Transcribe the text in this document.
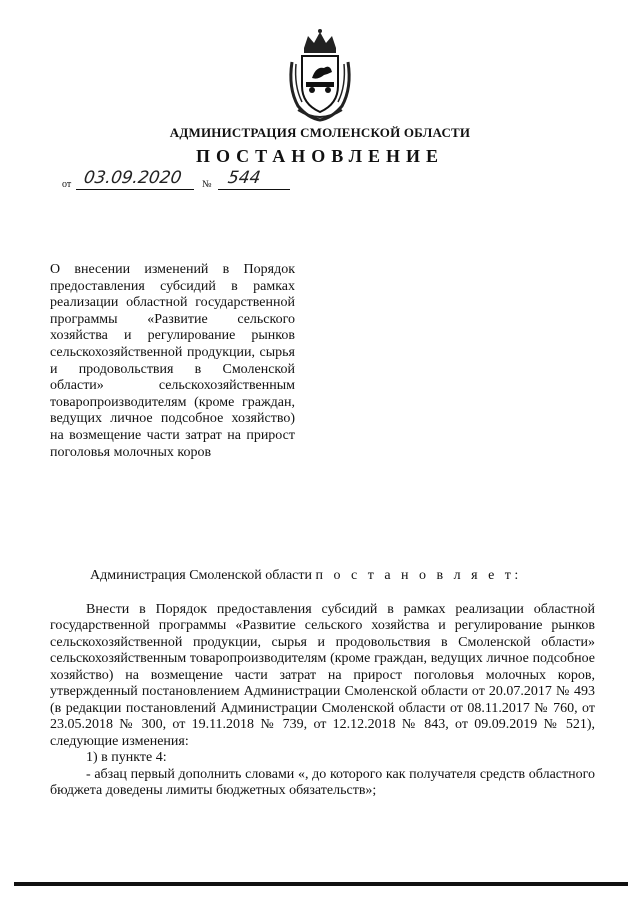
АДМИНИСТРАЦИЯ СМОЛЕНСКОЙ ОБЛАСТИ
ПОСТАНОВЛЕНИЕ
от 03.09.2020 № 544
О внесении изменений в Порядок предоставления субсидий в рамках реализации областной государственной программы «Развитие сельского хозяйства и регулирование рынков сельскохозяйственной продукции, сырья и продовольствия в Смоленской области» сельскохозяйственным товаропроизводителям (кроме граждан, ведущих личное подсобное хозяйство) на возмещение части затрат на прирост поголовья молочных коров

Администрация Смоленской области п о с т а н о в л я е т:

Внести в Порядок предоставления субсидий в рамках реализации областной государственной программы «Развитие сельского хозяйства и регулирование рынков сельскохозяйственной продукции, сырья и продовольствия в Смоленской области» сельскохозяйственным товаропроизводителям (кроме граждан, ведущих личное подсобное хозяйство) на возмещение части затрат на прирост поголовья молочных коров, утвержденный постановлением Администрации Смоленской области от 20.07.2017 № 493 (в редакции постановлений Администрации Смоленской области от 08.11.2017 № 760, от 23.05.2018 № 300, от 19.11.2018 № 739, от 12.12.2018 № 843, от 09.09.2019 № 521), следующие изменения:

1) в пункте 4:

- абзац первый дополнить словами «, до которого как получателя средств областного бюджета доведены лимиты бюджетных обязательств»;
